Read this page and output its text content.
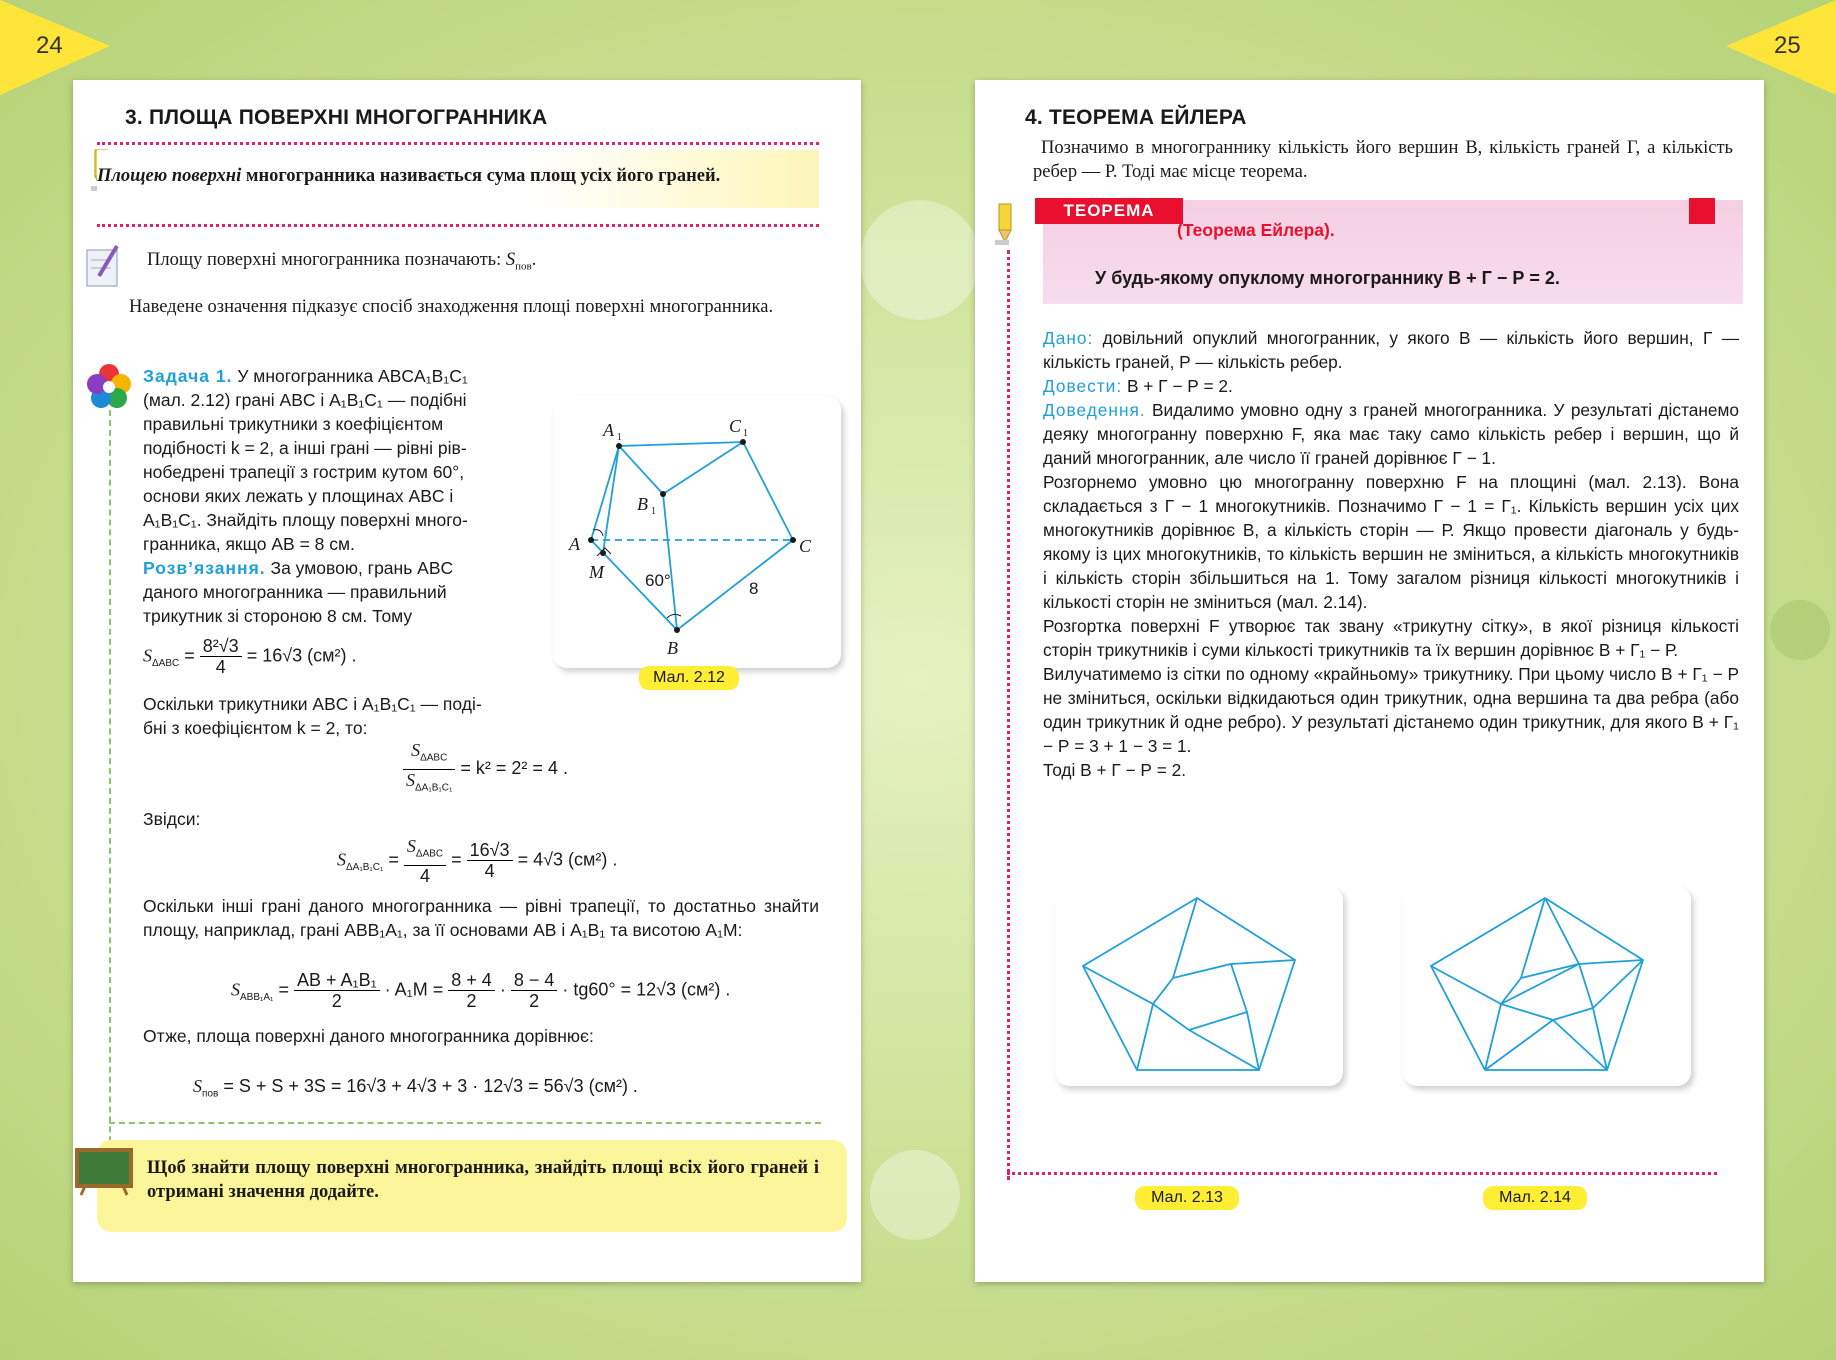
24	25
3. ПЛОЩА ПОВЕРХНІ МНОГОГРАННИКА
Площею поверхні многогранника називається сума площ усіх його граней.
Площу поверхні многогранника позначають: $S_{пов}$.
Наведене означення підказує спосіб знаходження площі поверхні многогранника.
Задача 1. У многогранника ABCA₁B₁C₁
(мал. 2.12) грані ABC і A₁B₁C₁ — подібні
правильні трикутники з коефіцієнтом
подібності k = 2, а інші грані — рівні рів-
нобедрені трапеції з гострим кутом 60°,
основи яких лежать у площинах ABC і
A₁B₁C₁. Знайдіть площу поверхні много-
гранника, якщо AB = 8 см.
Розв’язання. За умовою, грань ABC
даного многогранника — правильний
трикутник зі стороною 8 см. Тому
$S_{\Delta ABC} = \frac{\text{8²√3}}{4} = 16√3$ (см²) .
Оскільки трикутники ABC і A₁B₁C₁ — поді-
бні з коефіцієнтом k = 2, то:
$\frac{S_{\Delta ABC}}{S_{\Delta A_1B_1C_1}} = k^2 = 2^2 = 4$ .
Звідси:
$S_{\Delta A_1B_1C_1} = \frac{S_{\Delta ABC}}{4} = \frac{16√3}{4} = 4√3$ (см²) .
Оскільки інші грані даного многогранника — рівні трапеції, то достатньо знайти площу, наприклад, грані ABB₁A₁, за її основами AB і A₁B₁ та висотою A₁M:
$S_{ABB_1A_1} = \frac{\text{AB + A₁B₁}}{2} \cdot A_1M = \frac{8 + 4}{2} \cdot \frac{8 - 4}{2} \cdot tg60^\circ = 12√3$ (см²) .
Отже, площа поверхні даного многогранника дорівнює:
$S_{пов} = S + S + 3S = 16√3 + 4√3 + 3 \cdot 12√3 = 56√3$ (см²) .
A 1
C 1
B 1
A	C
M
B
60°	8
Мал. 2.12
Щоб знайти площу поверхні многогранника, знайдіть площі всіх його граней і отримані значення додайте.
4. ТЕОРЕМА ЕЙЛЕРА
Позначимо в многограннику кількість його вершин В, кількість граней Г, а кількість ребер — Р. Тоді має місце теорема.
ТЕОРЕМА
(Теорема Ейлера).
У будь-якому опуклому многограннику В + Г − Р = 2.
Дано: довільний опуклий многогранник, у якого В — кількість його вершин, Г — кількість граней, Р — кількість ребер.
Довести: В + Г − Р = 2.
Доведення. Видалимо умовно одну з граней многогранника. У результаті дістанемо деяку многогранну поверхню F, яка має таку само кількість ребер і вершин, що й даний многогранник, але число її граней дорівнює Г − 1.
Розгорнемо умовно цю многогранну поверхню F на площині (мал. 2.13). Вона складається з Г − 1 многокутників. Позначимо Г − 1 = Г₁. Кількість вершин усіх цих многокутників дорівнює В, а кількість сторін — Р. Якщо провести діагональ у будь-якому із цих многокутників, то кількість вершин не зміниться, а кількість многокутників і кількість сторін збільшиться на 1. Тому загалом різниця кількості многокутників і кількості сторін не зміниться (мал. 2.14).
Розгортка поверхні F утворює так звану «трикутну сітку», в якої різниця кількості сторін трикутників і суми кількості трикутників та їх вершин дорівнює В + Г₁ − Р.
Вилучатимемо із сітки по одному «крайньому» трикутнику. При цьому число В + Г₁ − Р не зміниться, оскільки відкидаються один трикутник, одна вершина та два ребра (або один трикутник й одне ребро). У результаті дістанемо один трикутник, для якого В + Г₁ − Р = 3 + 1 − 3 = 1.
Тоді В + Г − Р = 2.
Мал. 2.13	Мал. 2.14
